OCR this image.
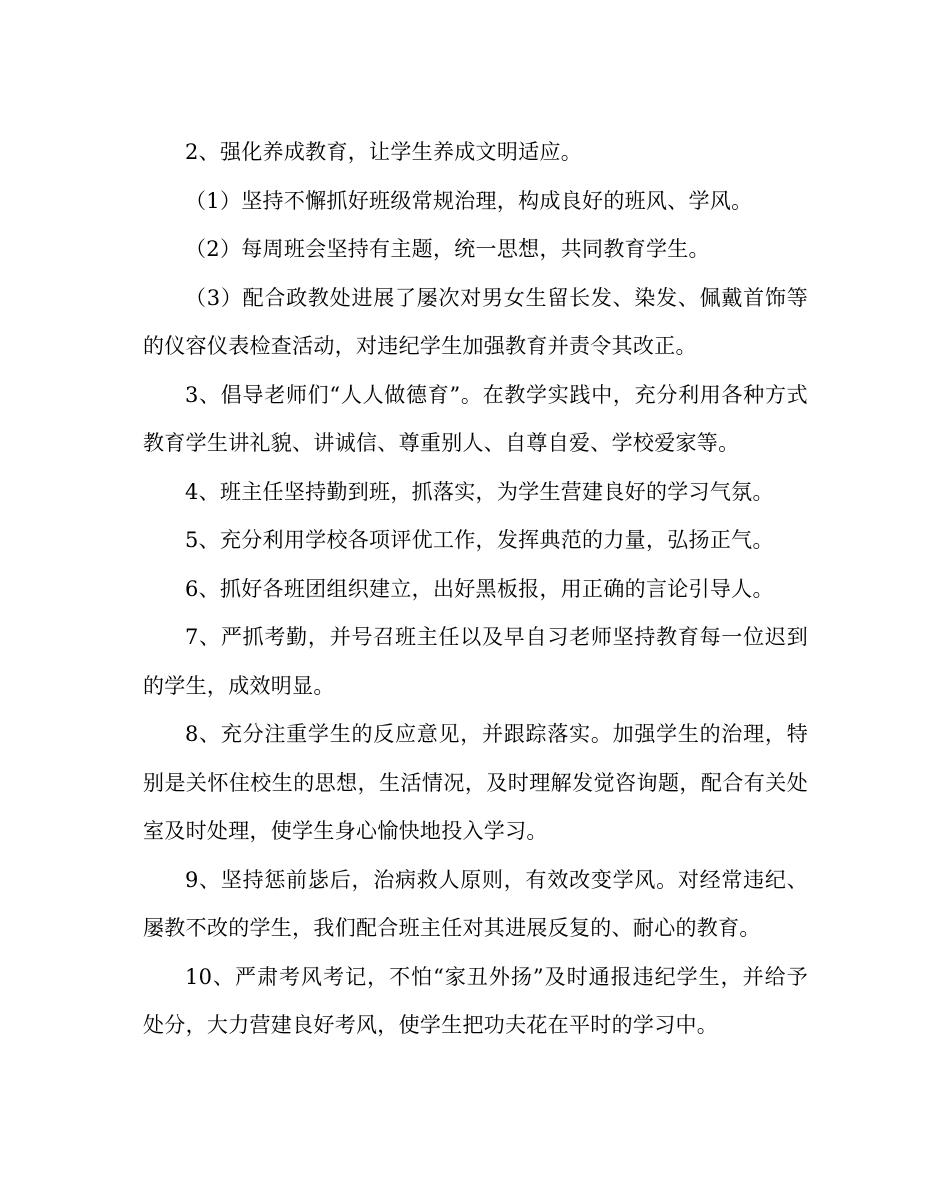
2、强化养成教育，让学生养成文明适应。

（1）坚持不懈抓好班级常规治理，构成良好的班风、学风。

（2）每周班会坚持有主题，统一思想，共同教育学生。

（3）配合政教处进展了屡次对男女生留长发、染发、佩戴首饰等的仪容仪表检查活动，对违纪学生加强教育并责令其改正。

3、倡导老师们“人人做德育”。在教学实践中，充分利用各种方式教育学生讲礼貌、讲诚信、尊重别人、自尊自爱、学校爱家等。

4、班主任坚持勤到班，抓落实，为学生营建良好的学习气氛。

5、充分利用学校各项评优工作，发挥典范的力量，弘扬正气。

6、抓好各班团组织建立，出好黑板报，用正确的言论引导人。

7、严抓考勤，并号召班主任以及早自习老师坚持教育每一位迟到的学生，成效明显。

8、充分注重学生的反应意见，并跟踪落实。加强学生的治理，特别是关怀住校生的思想，生活情况，及时理解发觉咨询题，配合有关处室及时处理，使学生身心愉快地投入学习。

9、坚持惩前毖后，治病救人原则，有效改变学风。对经常违纪、屡教不改的学生，我们配合班主任对其进展反复的、耐心的教育。

10、严肃考风考记，不怕“家丑外扬”及时通报违纪学生，并给予处分，大力营建良好考风，使学生把功夫花在平时的学习中。
